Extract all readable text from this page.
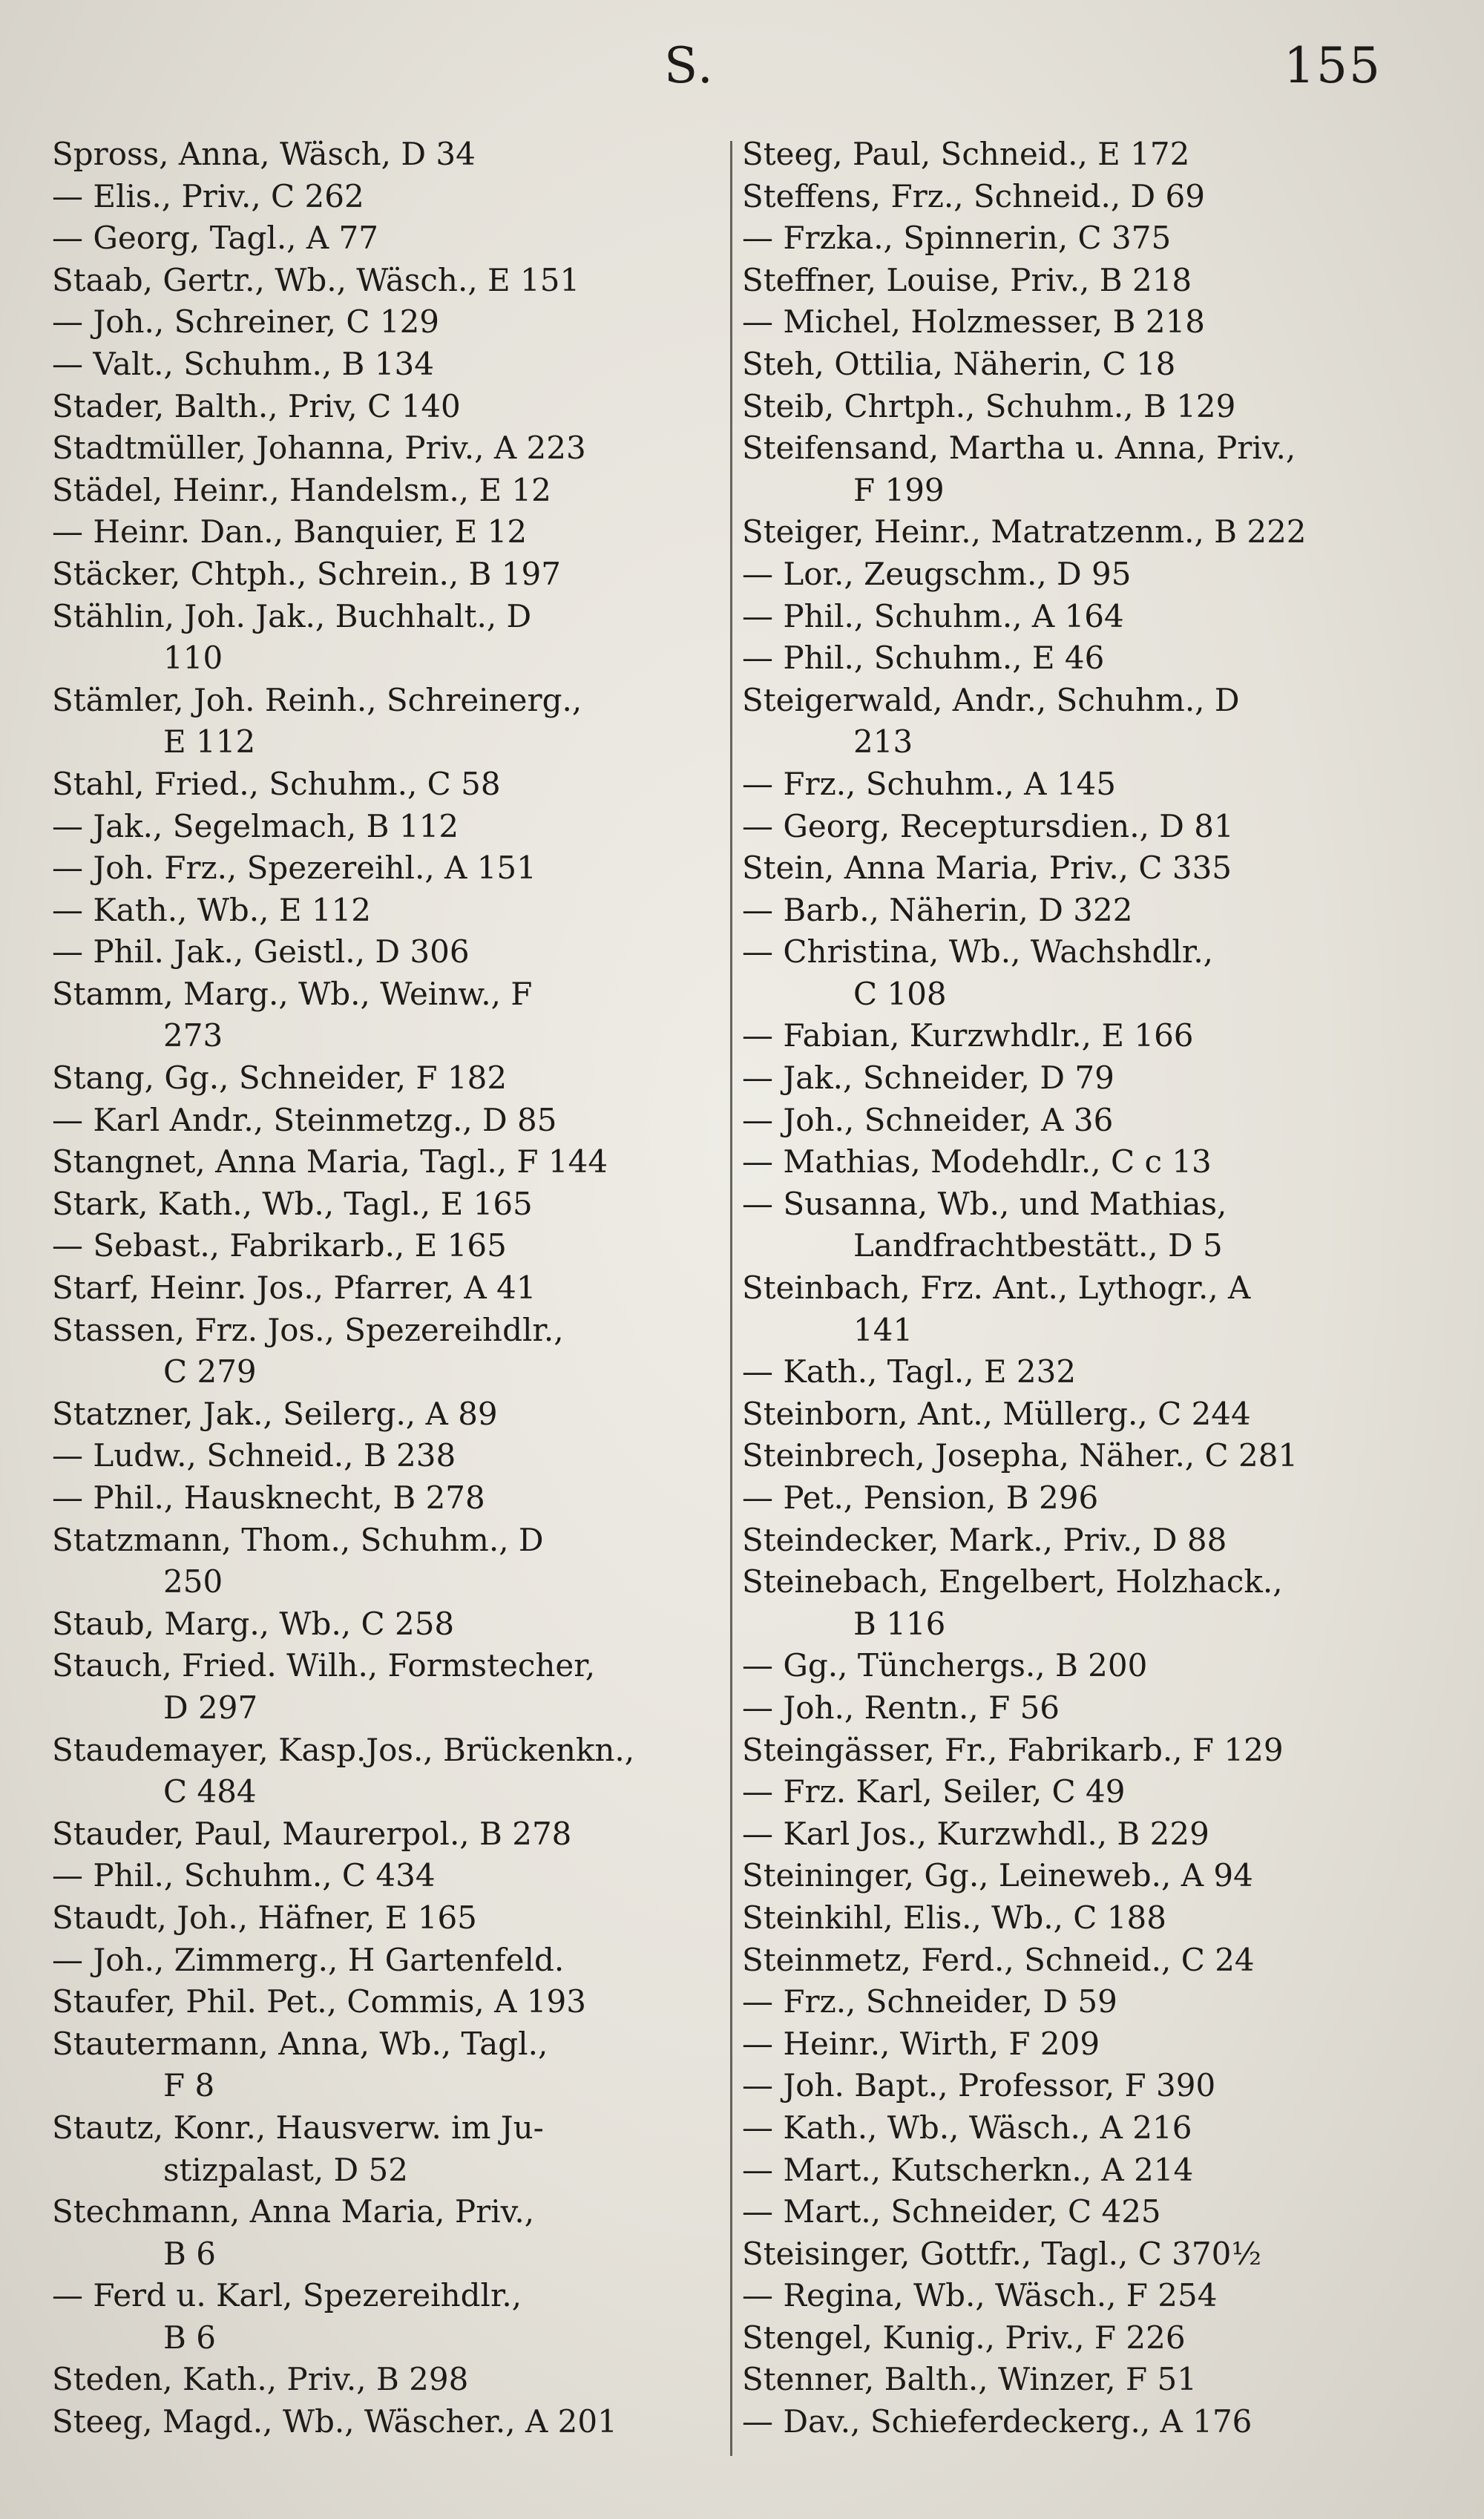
S.	155
Spross, Anna, Wäsch, D 34
— Elis., Priv., C 262
— Georg, Tagl., A 77
Staab, Gertr., Wb., Wäsch., E 151
— Joh., Schreiner, C 129
— Valt., Schuhm., B 134
Stader, Balth., Priv, C 140
Stadtmüller, Johanna, Priv., A 223
Städel, Heinr., Handelsm., E 12
— Heinr. Dan., Banquier, E 12
Stäcker, Chtph., Schrein., B 197
Stählin, Joh. Jak., Buchhalt., D
110
Stämler, Joh. Reinh., Schreinerg.,
E 112
Stahl, Fried., Schuhm., C 58
— Jak., Segelmach, B 112
— Joh. Frz., Spezereihl., A 151
— Kath., Wb., E 112
— Phil. Jak., Geistl., D 306
Stamm, Marg., Wb., Weinw., F
273
Stang, Gg., Schneider, F 182
— Karl Andr., Steinmetzg., D 85
Stangnet, Anna Maria, Tagl., F 144
Stark, Kath., Wb., Tagl., E 165
— Sebast., Fabrikarb., E 165
Starf, Heinr. Jos., Pfarrer, A 41
Stassen, Frz. Jos., Spezereihdlr.,
C 279
Statzner, Jak., Seilerg., A 89
— Ludw., Schneid., B 238
— Phil., Hausknecht, B 278
Statzmann, Thom., Schuhm., D
250
Staub, Marg., Wb., C 258
Stauch, Fried. Wilh., Formstecher,
D 297
Staudemayer, Kasp.Jos., Brückenkn.,
C 484
Stauder, Paul, Maurerpol., B 278
— Phil., Schuhm., C 434
Staudt, Joh., Häfner, E 165
— Joh., Zimmerg., H Gartenfeld.
Staufer, Phil. Pet., Commis, A 193
Stautermann, Anna, Wb., Tagl.,
F 8
Stautz, Konr., Hausverw. im Ju-
stizpalast, D 52
Stechmann, Anna Maria, Priv.,
B 6
— Ferd u. Karl, Spezereihdlr.,
B 6
Steden, Kath., Priv., B 298
Steeg, Magd., Wb., Wäscher., A 201
Steeg, Paul, Schneid., E 172
Steffens, Frz., Schneid., D 69
— Frzka., Spinnerin, C 375
Steffner, Louise, Priv., B 218
— Michel, Holzmesser, B 218
Steh, Ottilia, Näherin, C 18
Steib, Chrtph., Schuhm., B 129
Steifensand, Martha u. Anna, Priv.,
F 199
Steiger, Heinr., Matratzenm., B 222
— Lor., Zeugschm., D 95
— Phil., Schuhm., A 164
— Phil., Schuhm., E 46
Steigerwald, Andr., Schuhm., D
213
— Frz., Schuhm., A 145
— Georg, Receptursdien., D 81
Stein, Anna Maria, Priv., C 335
— Barb., Näherin, D 322
— Christina, Wb., Wachshdlr.,
C 108
— Fabian, Kurzwhdlr., E 166
— Jak., Schneider, D 79
— Joh., Schneider, A 36
— Mathias, Modehdlr., C c 13
— Susanna, Wb., und Mathias,
Landfrachtbestätt., D 5
Steinbach, Frz. Ant., Lythogr., A
141
— Kath., Tagl., E 232
Steinborn, Ant., Müllerg., C 244
Steinbrech, Josepha, Näher., C 281
— Pet., Pension, B 296
Steindecker, Mark., Priv., D 88
Steinebach, Engelbert, Holzhack.,
B 116
— Gg., Tünchergs., B 200
— Joh., Rentn., F 56
Steingässer, Fr., Fabrikarb., F 129
— Frz. Karl, Seiler, C 49
— Karl Jos., Kurzwhdl., B 229
Steininger, Gg., Leineweb., A 94
Steinkihl, Elis., Wb., C 188
Steinmetz, Ferd., Schneid., C 24
— Frz., Schneider, D 59
— Heinr., Wirth, F 209
— Joh. Bapt., Professor, F 390
— Kath., Wb., Wäsch., A 216
— Mart., Kutscherkn., A 214
— Mart., Schneider, C 425
Steisinger, Gottfr., Tagl., C 370½
— Regina, Wb., Wäsch., F 254
Stengel, Kunig., Priv., F 226
Stenner, Balth., Winzer, F 51
— Dav., Schieferdeckerg., A 176
